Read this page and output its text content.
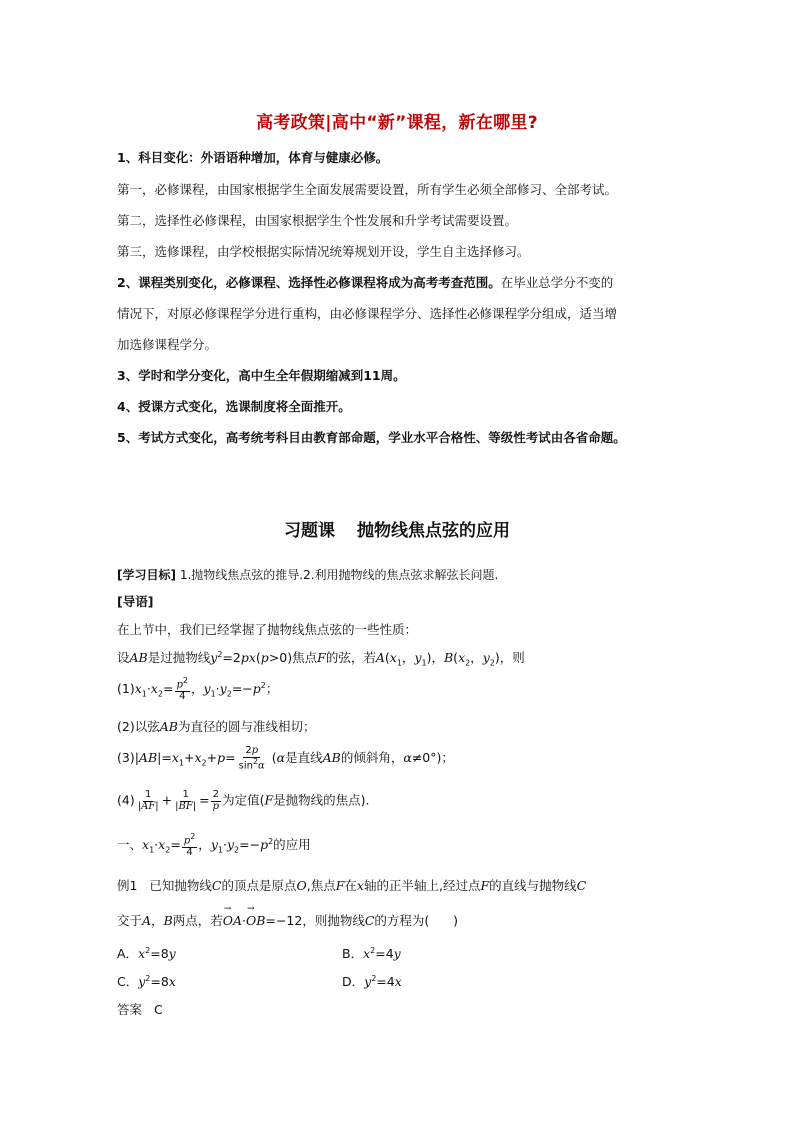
高考政策|高中“新”课程，新在哪里?
1、科目变化：外语语种增加，体育与健康必修。
第一，必修课程，由国家根据学生全面发展需要设置，所有学生必须全部修习、全部考试。
第二，选择性必修课程，由国家根据学生个性发展和升学考试需要设置。
第三，选修课程，由学校根据实际情况统筹规划开设，学生自主选择修习。
2、课程类别变化，必修课程、选择性必修课程将成为高考考查范围。在毕业总学分不变的
情况下，对原必修课程学分进行重构，由必修课程学分、选择性必修课程学分组成，适当增
加选修课程学分。
3、学时和学分变化，高中生全年假期缩减到11周。
4、授课方式变化，选课制度将全面推开。
5、考试方式变化，高考统考科目由教育部命题，学业水平合格性、等级性考试由各省命题。
习题课 抛物线焦点弦的应用
[学习目标] 1.抛物线焦点弦的推导.2.利用抛物线的焦点弦求解弦长问题.
[导语]
在上节中，我们已经掌握了抛物线焦点弦的一些性质：
设AB是过抛物线$y^2=2px(p>0)$焦点F的弦，若$A(x_1$，$y_1$)，$B(x_2$，$y_2$)，则
$(1)x_1\cdot x_2= \frac{p^2}{4}$ ，$y_1\cdot y_2=-p^2$；
(2)以弦AB为直径的圆与准线相切；
$(3)|AB|=x_1+x_2+p= \frac{2p}{\sin^2\alpha} (\alpha$是直线AB的倾斜角，α≠0°)；
$(4) \frac{1}{|AF|} + \frac{1}{|BF|} = \frac{2}{p}$ 为定值(F是抛物线的焦点).
一、$x_1\cdot x_2= \frac{p^2}{4}$ ，$y_1\cdot y_2=-p^2$的应用
例1 已知抛物线C的顶点是原点O,焦点F在x轴的正半轴上,经过点F的直线与抛物线C
交于A，B两点，若→ OA·→ OB=−12，则抛物线C的方程为( )
A．$x^2=8y$	B．$x^2=4y$
C．$y^2=8x$	D．$y^2=4x$
答案 C
